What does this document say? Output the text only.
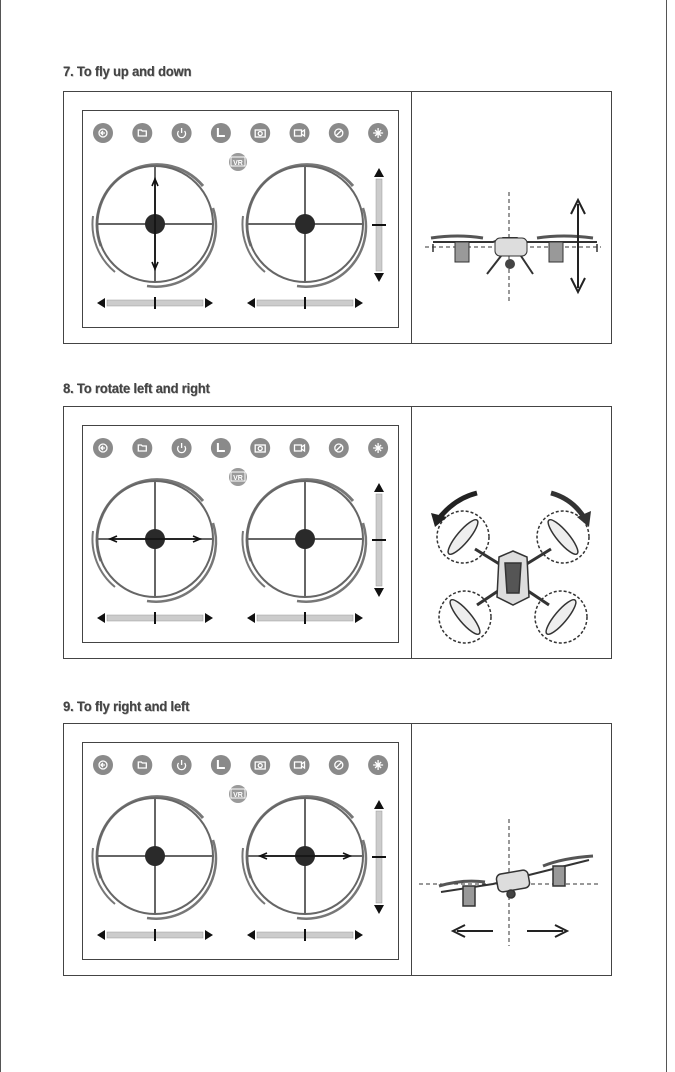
7. To fly up and down
VR
8. To rotate left and right
VR
9. To fly right and left
VR
